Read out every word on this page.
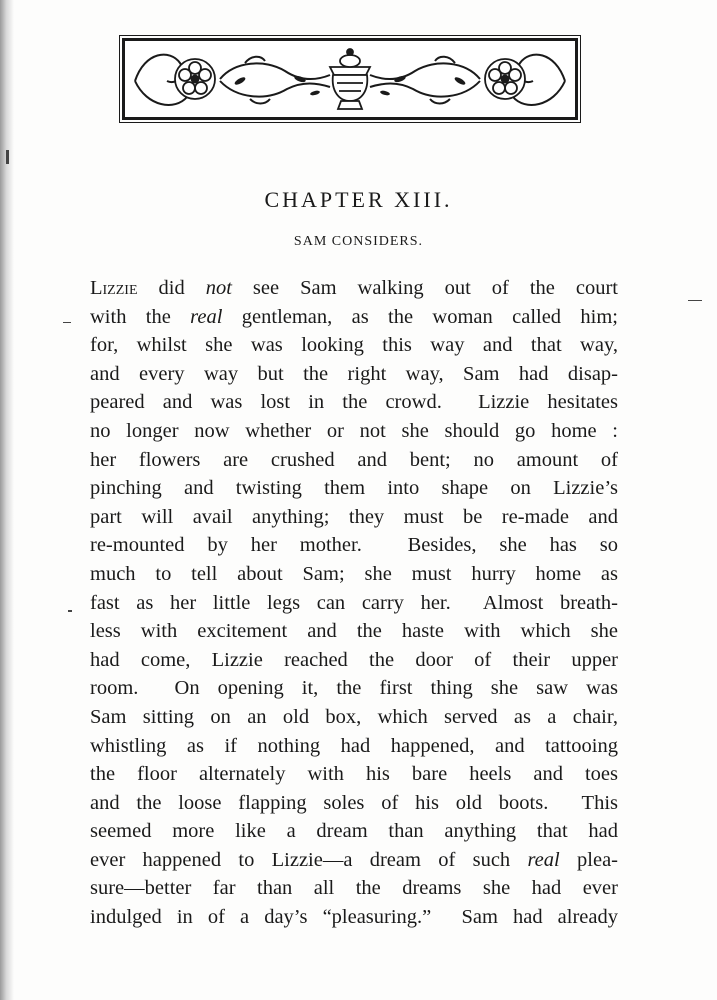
CHAPTER XIII.
SAM CONSIDERS.
Lizzie did not see Sam walking out of the court
with the real gentleman, as the woman called him;
for, whilst she was looking this way and that way,
and every way but the right way, Sam had disap-
peared and was lost in the crowd.  Lizzie hesitates
no longer now whether or not she should go home :
her flowers are crushed and bent; no amount of
pinching and twisting them into shape on Lizzie’s
part will avail anything; they must be re-made and
re-mounted by her mother.  Besides, she has so
much to tell about Sam; she must hurry home as
fast as her little legs can carry her.  Almost breath-
less with excitement and the haste with which she
had come, Lizzie reached the door of their upper
room.  On opening it, the first thing she saw was
Sam sitting on an old box, which served as a chair,
whistling as if nothing had happened, and tattooing
the floor alternately with his bare heels and toes
and the loose flapping soles of his old boots.  This
seemed more like a dream than anything that had
ever happened to Lizzie—a dream of such real plea-
sure—better far than all the dreams she had ever
indulged in of a day’s “pleasuring.”  Sam had already
